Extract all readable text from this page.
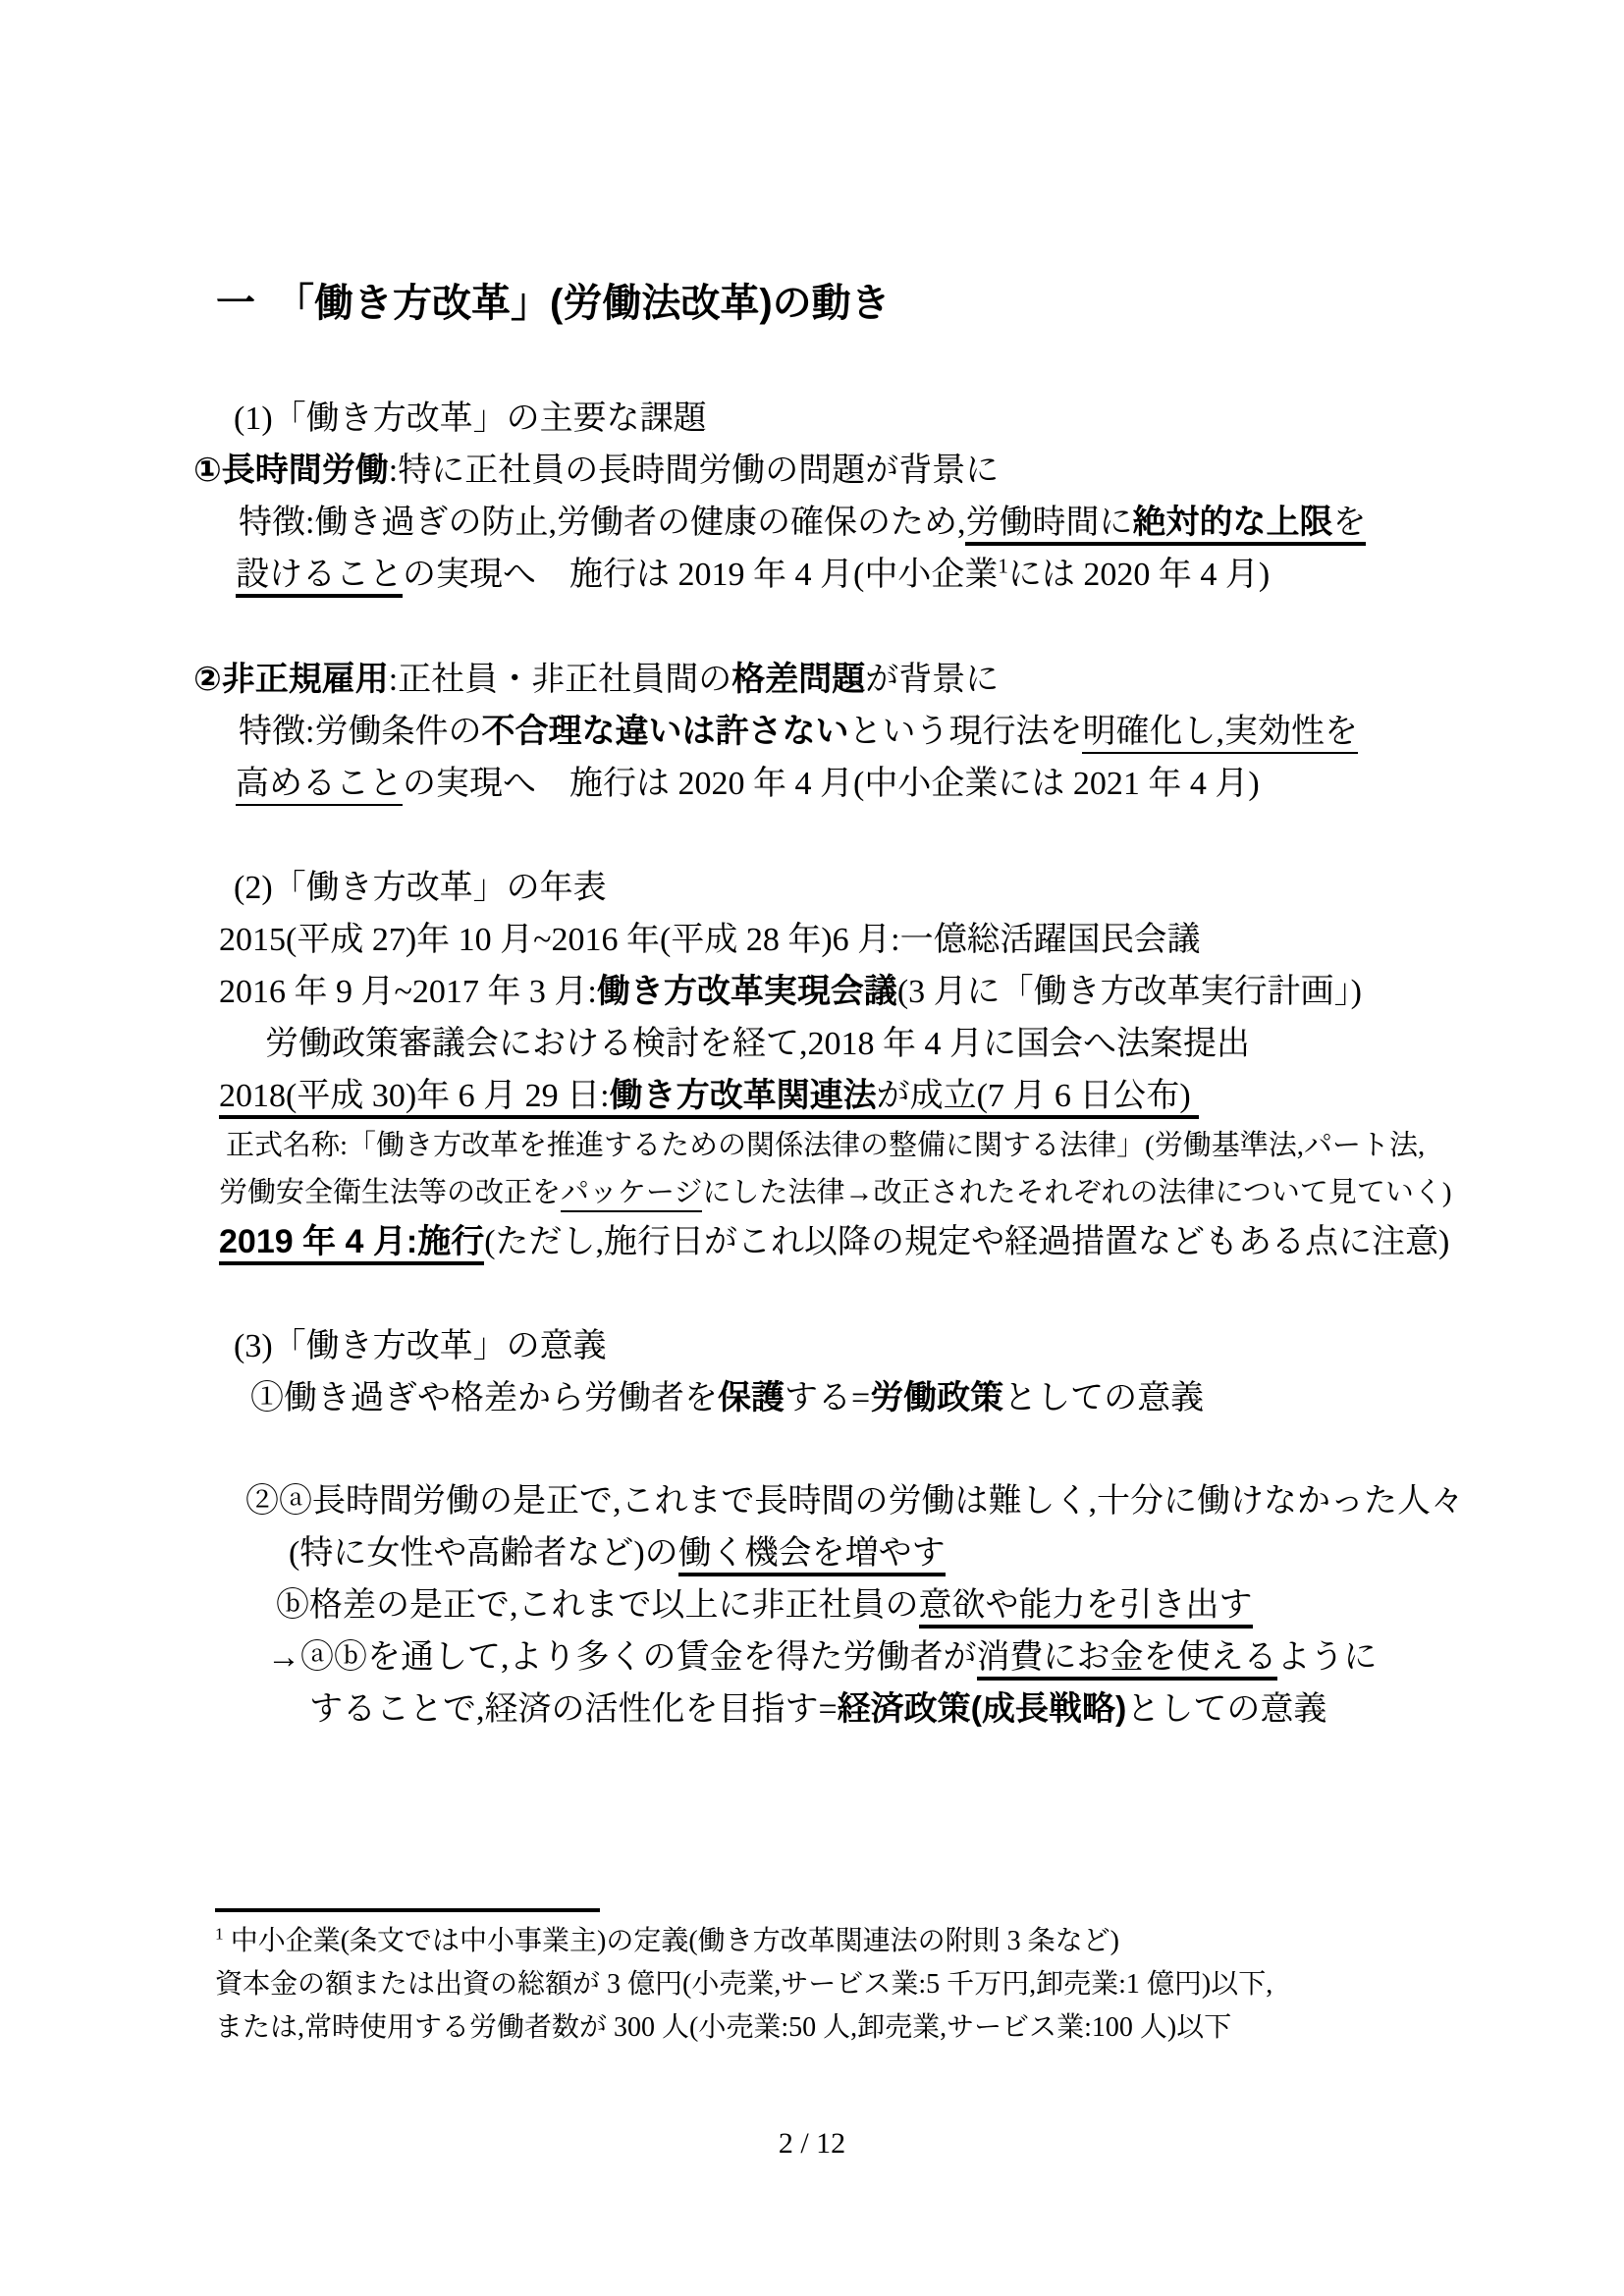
一　「働き方改革」(労働法改革)の動き
(1)「働き方改革」の主要な課題
①長時間労働:特に正社員の長時間労働の問題が背景に
特徴:働き過ぎの防止,労働者の健康の確保のため,労働時間に絶対的な上限を
設けることの実現へ　施行は 2019 年 4 月(中小企業$^1$には 2020 年 4 月)
②非正規雇用:正社員・非正社員間の格差問題が背景に
特徴:労働条件の不合理な違いは許さないという現行法を明確化し,実効性を
高めることの実現へ　施行は 2020 年 4 月(中小企業には 2021 年 4 月)
(2)「働き方改革」の年表
2015(平成 27)年 10 月~2016 年(平成 28 年)6 月:一億総活躍国民会議
2016 年 9 月~2017 年 3 月:働き方改革実現会議(3 月に「働き方改革実行計画」)
労働政策審議会における検討を経て,2018 年 4 月に国会へ法案提出
2018(平成 30)年 6 月 29 日:働き方改革関連法が成立(7 月 6 日公布)
正式名称:「働き方改革を推進するための関係法律の整備に関する法律」(労働基準法,パート法,
労働安全衛生法等の改正をパッケージにした法律→改正されたそれぞれの法律について見ていく)
2019 年 4 月:施行(ただし,施行日がこれ以降の規定や経過措置などもある点に注意)
(3)「働き方改革」の意義
①働き過ぎや格差から労働者を保護する=労働政策としての意義
②ⓐ長時間労働の是正で,これまで長時間の労働は難しく,十分に働けなかった人々
(特に女性や高齢者など)の働く機会を増やす
ⓑ格差の是正で,これまで以上に非正社員の意欲や能力を引き出す
→ⓐⓑを通して,より多くの賃金を得た労働者が消費にお金を使えるように
することで,経済の活性化を目指す=経済政策(成長戦略)としての意義
$^1$ 中小企業(条文では中小事業主)の定義(働き方改革関連法の附則 3 条など)
資本金の額または出資の総額が 3 億円(小売業,サービス業:5 千万円,卸売業:1 億円)以下,
または,常時使用する労働者数が 300 人(小売業:50 人,卸売業,サービス業:100 人)以下
2 / 12
